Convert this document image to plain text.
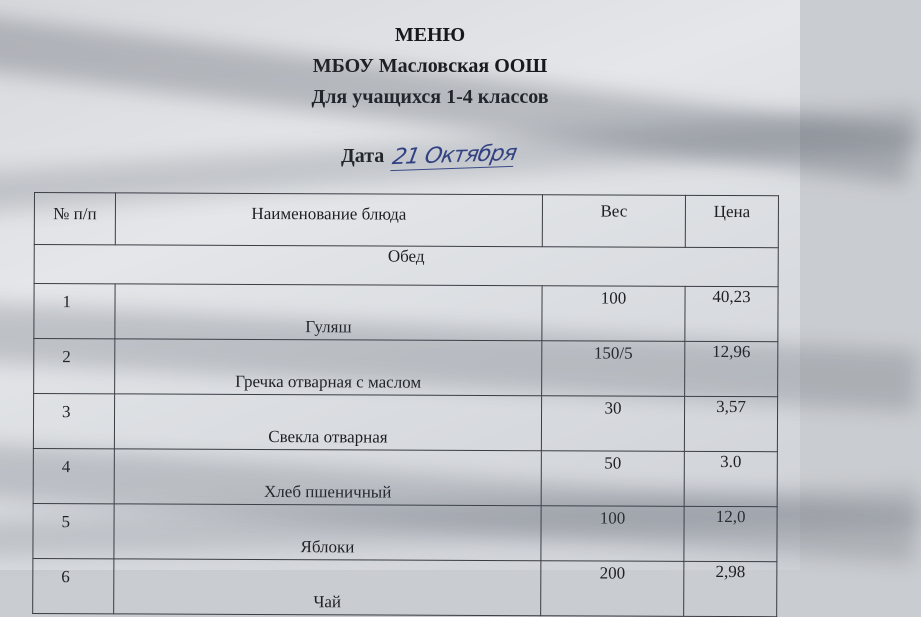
МЕНЮ
МБОУ Масловская ООШ
Для учащихся 1-4 классов
Дата 21 Октября
№ п/п	Наименование блюда	Вес	Цена
Обед			
1	Гуляш	100	40,23
2	Гречка отварная с маслом	150/5	12,96
3	Свекла отварная	30	3,57
4	Хлеб пшеничный	50	3.0
5	Яблоки	100	12,0
6	Чай	200	2,98
